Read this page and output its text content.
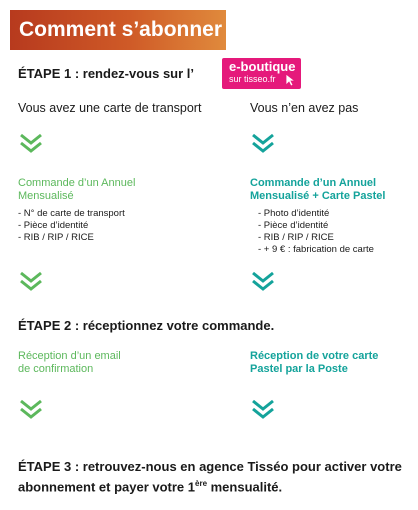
Comment s’abonner ?
ÉTAPE 1 : rendez-vous sur l’	e-boutique
sur tisseo.fr
Vous avez une carte de transport	Vous n’en avez pas
Commande d’un Annuel
Mensualisé
Commande d’un Annuel
Mensualisé + Carte Pastel
- N° de carte de transport
- Pièce d’identité
- RIB / RIP / RICE
- Photo d’identité
- Pièce d’identité
- RIB / RIP / RICE
- + 9 € : fabrication de carte
ÉTAPE 2 : réceptionnez votre commande.
Réception d’un email
de confirmation
Réception de votre carte
Pastel par la Poste
ÉTAPE 3 : retrouvez-nous en agence Tisséo pour activer votre abonnement et payer votre 1ère mensualité.
